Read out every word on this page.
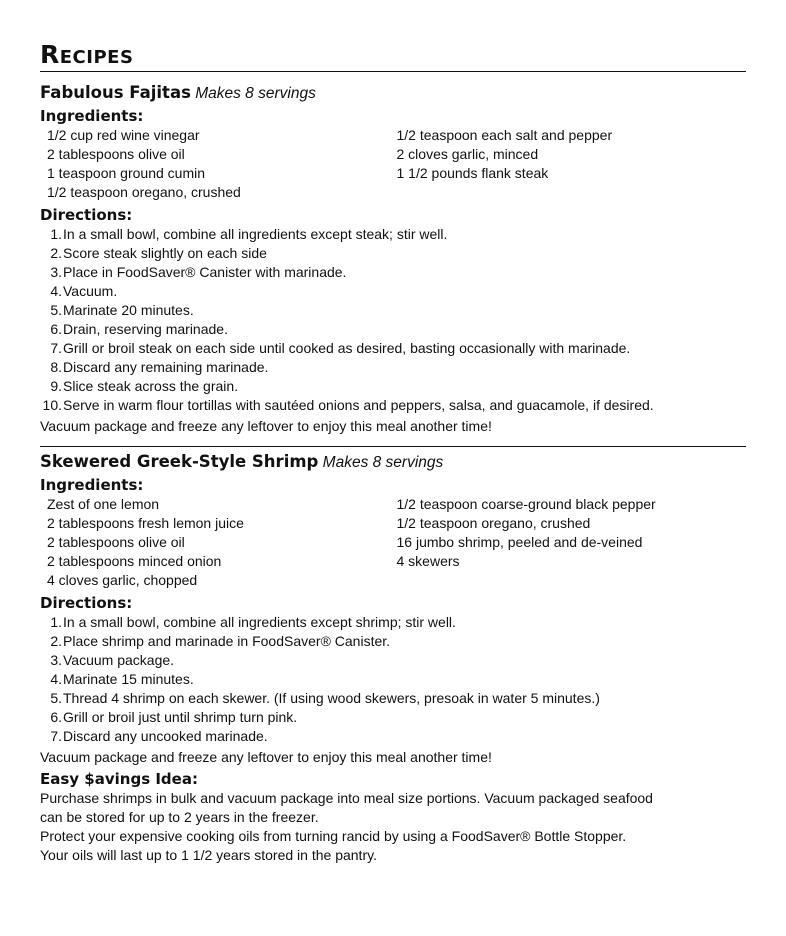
Recipes
Fabulous Fajitas Makes 8 servings
Ingredients:
1/2 cup red wine vinegar
2 tablespoons olive oil
1 teaspoon ground cumin
1/2 teaspoon oregano, crushed
1/2 teaspoon each salt and pepper
2 cloves garlic, minced
1 1/2 pounds flank steak
Directions:
1. In a small bowl, combine all ingredients except steak; stir well.
2. Score steak slightly on each side
3. Place in FoodSaver® Canister with marinade.
4. Vacuum.
5. Marinate 20 minutes.
6. Drain, reserving marinade.
7. Grill or broil steak on each side until cooked as desired, basting occasionally with marinade.
8. Discard any remaining marinade.
9. Slice steak across the grain.
10. Serve in warm flour tortillas with sautéed onions and peppers, salsa, and guacamole, if desired.
Vacuum package and freeze any leftover to enjoy this meal another time!
Skewered Greek-Style Shrimp Makes 8 servings
Ingredients:
Zest of one lemon
2 tablespoons fresh lemon juice
2 tablespoons olive oil
2 tablespoons minced onion
4 cloves garlic, chopped
1/2 teaspoon coarse-ground black pepper
1/2 teaspoon oregano, crushed
16 jumbo shrimp, peeled and de-veined
4 skewers
Directions:
1. In a small bowl, combine all ingredients except shrimp; stir well.
2. Place shrimp and marinade in FoodSaver® Canister.
3. Vacuum package.
4. Marinate 15 minutes.
5. Thread 4 shrimp on each skewer. (If using wood skewers, presoak in water 5 minutes.)
6. Grill or broil just until shrimp turn pink.
7. Discard any uncooked marinade.
Vacuum package and freeze any leftover to enjoy this meal another time!
Easy $avings Idea:
Purchase shrimps in bulk and vacuum package into meal size portions. Vacuum packaged seafood
can be stored for up to 2 years in the freezer.
Protect your expensive cooking oils from turning rancid by using a FoodSaver® Bottle Stopper.
Your oils will last up to 1 1/2 years stored in the pantry.
